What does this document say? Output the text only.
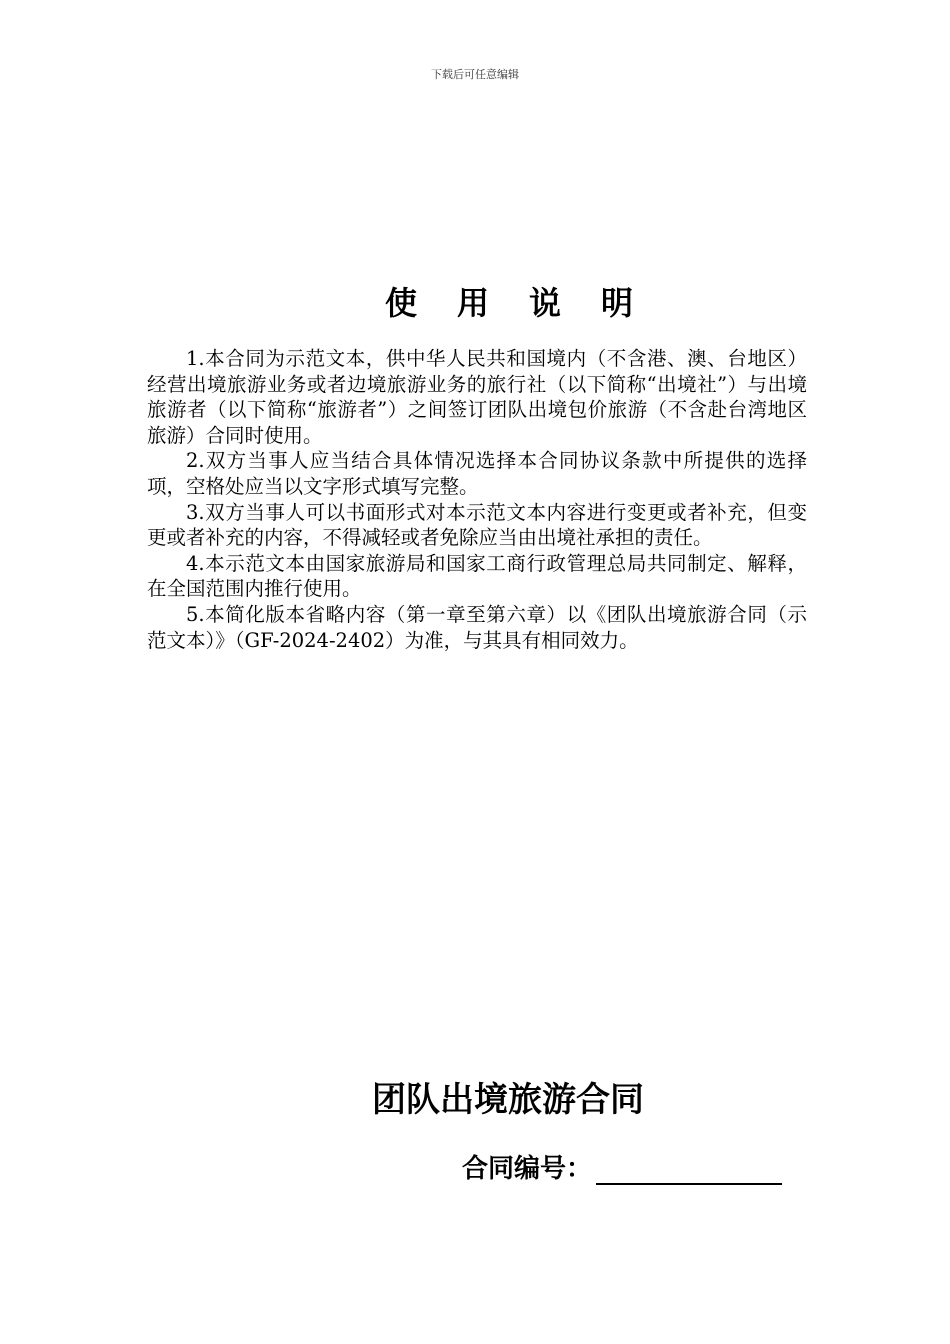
下载后可任意编辑
使用说明

1.本合同为示范文本，供中华人民共和国境内（不含港、澳、台地区）经营出境旅游业务或者边境旅游业务的旅行社（以下简称“出境社”）与出境旅游者（以下简称“旅游者”）之间签订团队出境包价旅游（不含赴台湾地区旅游）合同时使用。

2.双方当事人应当结合具体情况选择本合同协议条款中所提供的选择项，空格处应当以文字形式填写完整。

3.双方当事人可以书面形式对本示范文本内容进行变更或者补充，但变更或者补充的内容，不得减轻或者免除应当由出境社承担的责任。

4.本示范文本由国家旅游局和国家工商行政管理总局共同制定、解释，在全国范围内推行使用。

5.本简化版本省略内容（第一章至第六章）以《团队出境旅游合同（示范文本）》（GF-2024-2402）为准，与其具有相同效力。

团队出境旅游合同
合同编号：
